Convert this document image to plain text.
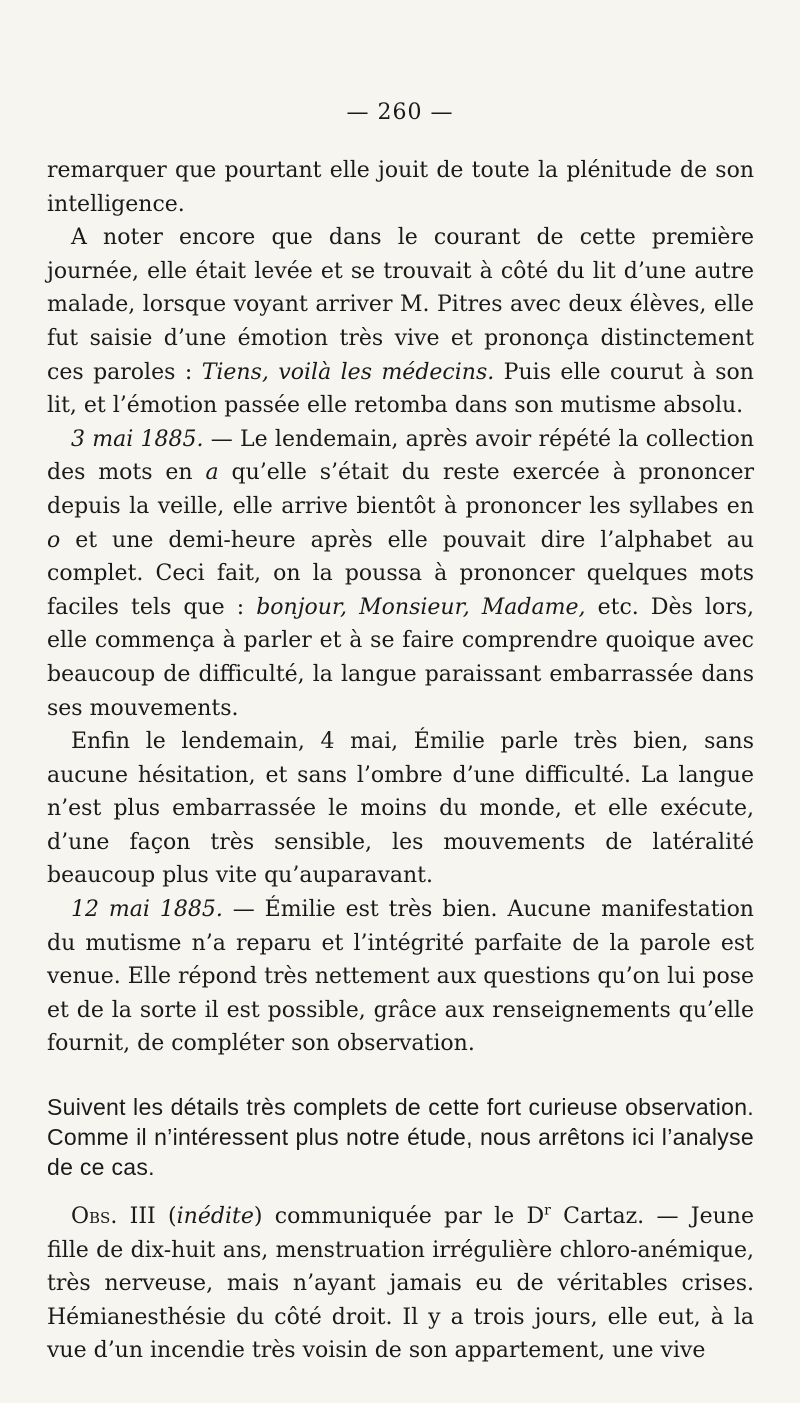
— 260 —

remarquer que pourtant elle jouit de toute la plénitude de son intelligence.

A noter encore que dans le courant de cette première journée, elle était levée et se trouvait à côté du lit d’une autre malade, lorsque voyant arriver M. Pitres avec deux élèves, elle fut saisie d’une émotion très vive et prononça distinctement ces paroles : Tiens, voilà les médecins. Puis elle courut à son lit, et l’émotion passée elle retomba dans son mutisme absolu.

3 mai 1885. — Le lendemain, après avoir répété la collection des mots en a qu’elle s’était du reste exercée à prononcer depuis la veille, elle arrive bientôt à prononcer les syllabes en o et une demi-heure après elle pouvait dire l’alphabet au complet. Ceci fait, on la poussa à prononcer quelques mots faciles tels que : bonjour, Monsieur, Madame, etc. Dès lors, elle commença à parler et à se faire comprendre quoique avec beaucoup de difficulté, la langue paraissant embarrassée dans ses mouvements.

Enfin le lendemain, 4 mai, Émilie parle très bien, sans aucune hésitation, et sans l’ombre d’une difficulté. La langue n’est plus embarrassée le moins du monde, et elle exécute, d’une façon très sensible, les mouvements de latéralité beaucoup plus vite qu’auparavant.

12 mai 1885. — Émilie est très bien. Aucune manifestation du mutisme n’a reparu et l’intégrité parfaite de la parole est venue. Elle répond très nettement aux questions qu’on lui pose et de la sorte il est possible, grâce aux renseignements qu’elle fournit, de compléter son observation.

Suivent les détails très complets de cette fort curieuse observation. Comme il n’intéressent plus notre étude, nous arrêtons ici l’analyse de ce cas.

Obs. III (inédite) communiquée par le $D^r$ Cartaz. — Jeune fille de dix-huit ans, menstruation irrégulière chloro-anémique, très nerveuse, mais n’ayant jamais eu de véritables crises. Hémianesthésie du côté droit. Il y a trois jours, elle eut, à la vue d’un incendie très voisin de son appartement, une vive
